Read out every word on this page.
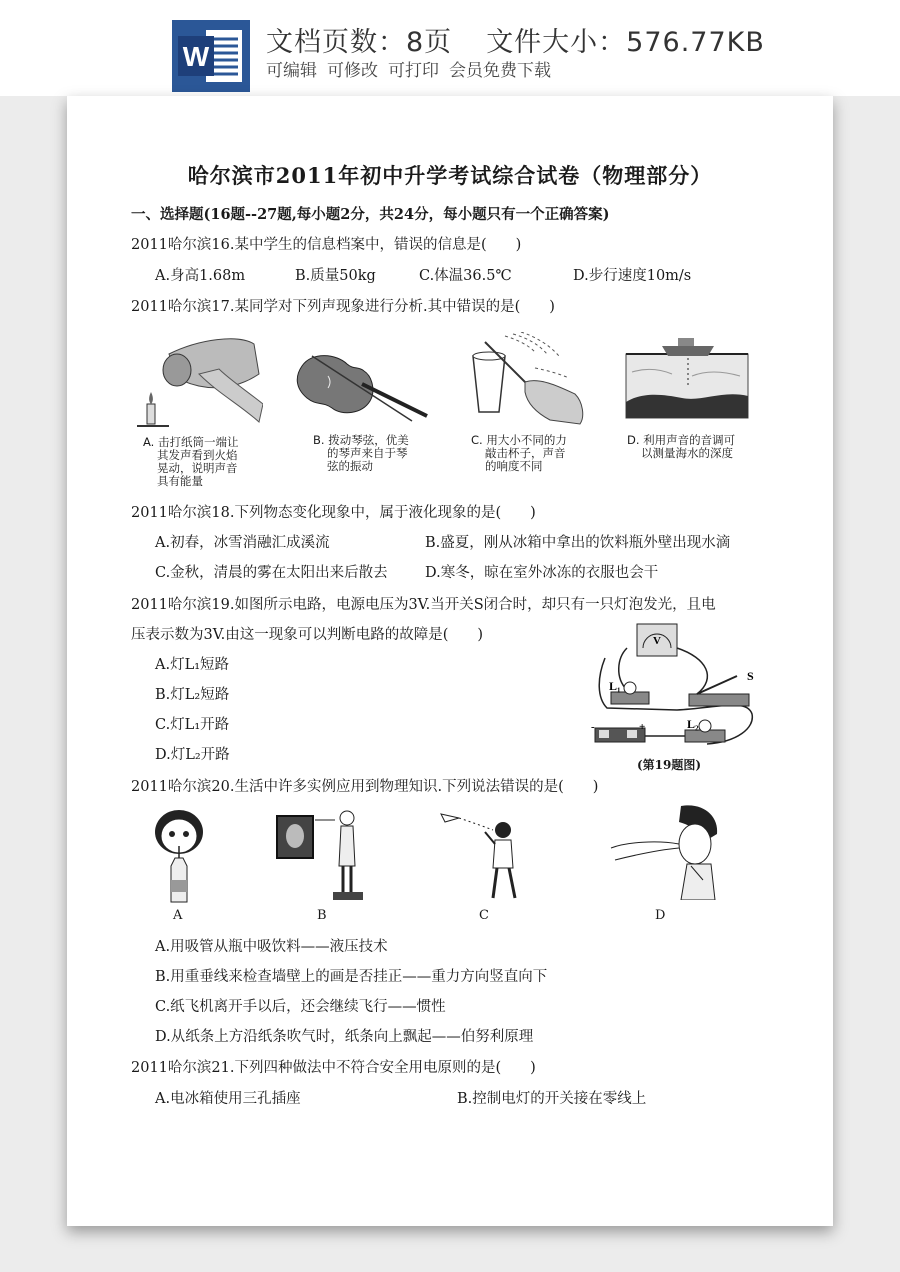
W 文档页数：8页 文件大小：576.77KB
可编辑 可修改 可打印 会员免费下载
哈尔滨市2011年初中升学考试综合试卷（物理部分）
一、选择题(16题--27题,每小题2分，共24分，每小题只有一个正确答案)
2011哈尔滨16.某中学生的信息档案中，错误的信息是(　　)
A.身高1.68m	B.质量50kg	C.体温36.5℃	D.步行速度10m/s
2011哈尔滨17.某同学对下列声现象进行分析.其中错误的是(　　)
A. 击打纸筒一端让
其发声看到火焰
晃动，说明声音
具有能量
B. 拨动琴弦，优美
的琴声来自于琴
弦的振动
C. 用大小不同的力
敲击杯子，声音
的响度不同
D. 利用声音的音调可
以测量海水的深度
2011哈尔滨18.下列物态变化现象中，属于液化现象的是(　　)
A.初春，冰雪消融汇成溪流	B.盛夏，刚从冰箱中拿出的饮料瓶外壁出现水滴
C.金秋，清晨的雾在太阳出来后散去	D.寒冬，晾在室外冰冻的衣服也会干
2011哈尔滨19.如图所示电路，电源电压为3V.当开关S闭合时，却只有一只灯泡发光，且电
压表示数为3V.由这一现象可以判断电路的故障是(　　)
A.灯L₁短路
B.灯L₂短路
C.灯L₁开路
D.灯L₂开路
V
L₁
L₂
S
+
-
(第19题图)
2011哈尔滨20.生活中许多实例应用到物理知识.下列说法错误的是(　　)
A	B	C	D
A.用吸管从瓶中吸饮料——液压技术
B.用重垂线来检查墙壁上的画是否挂正——重力方向竖直向下
C.纸飞机离开手以后，还会继续飞行——惯性
D.从纸条上方沿纸条吹气时，纸条向上飘起——伯努利原理
2011哈尔滨21.下列四种做法中不符合安全用电原则的是(　　)
A.电冰箱使用三孔插座	B.控制电灯的开关接在零线上
